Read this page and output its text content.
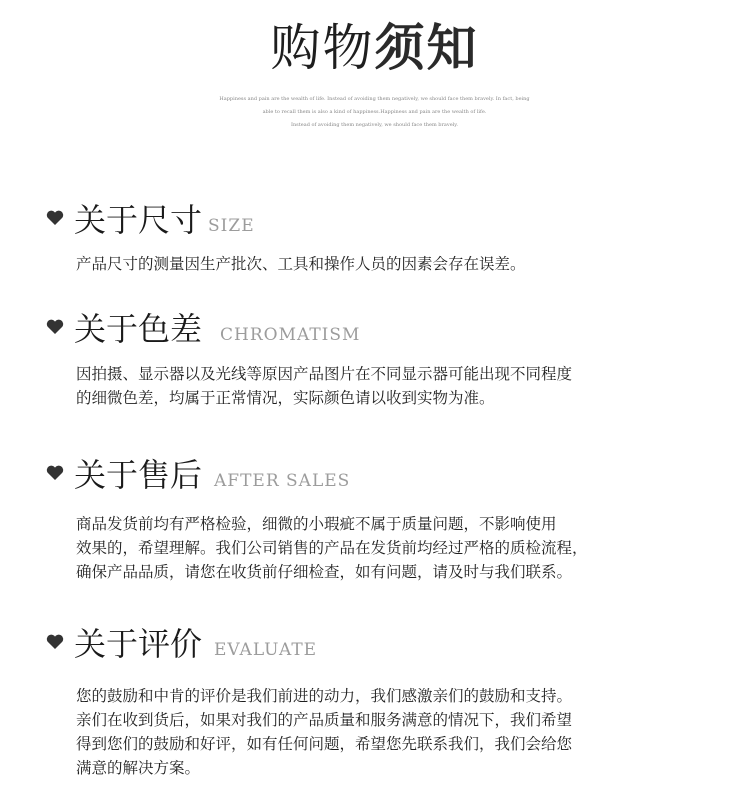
购物须知
Happiness and pain are the wealth of life. Instead of avoiding them negatively, we should face them bravely. In fact, being
able to recall them is also a kind of happiness.Happiness and pain are the wealth of life.
Instead of avoiding them negatively, we should face them bravely.
关于尺寸 SIZE
产品尺寸的测量因生产批次、工具和操作人员的因素会存在误差。
关于色差 CHROMATISM
因拍摄、显示器以及光线等原因产品图片在不同显示器可能出现不同程度
的细微色差，均属于正常情况，实际颜色请以收到实物为准。
关于售后 AFTER SALES
商品发货前均有严格检验，细微的小瑕疵不属于质量问题，不影响使用
效果的，希望理解。我们公司销售的产品在发货前均经过严格的质检流程，
确保产品品质，请您在收货前仔细检查，如有问题，请及时与我们联系。
关于评价 EVALUATE
您的鼓励和中肯的评价是我们前进的动力，我们感激亲们的鼓励和支持。
亲们在收到货后，如果对我们的产品质量和服务满意的情况下，我们希望
得到您们的鼓励和好评，如有任何问题，希望您先联系我们，我们会给您
满意的解决方案。
